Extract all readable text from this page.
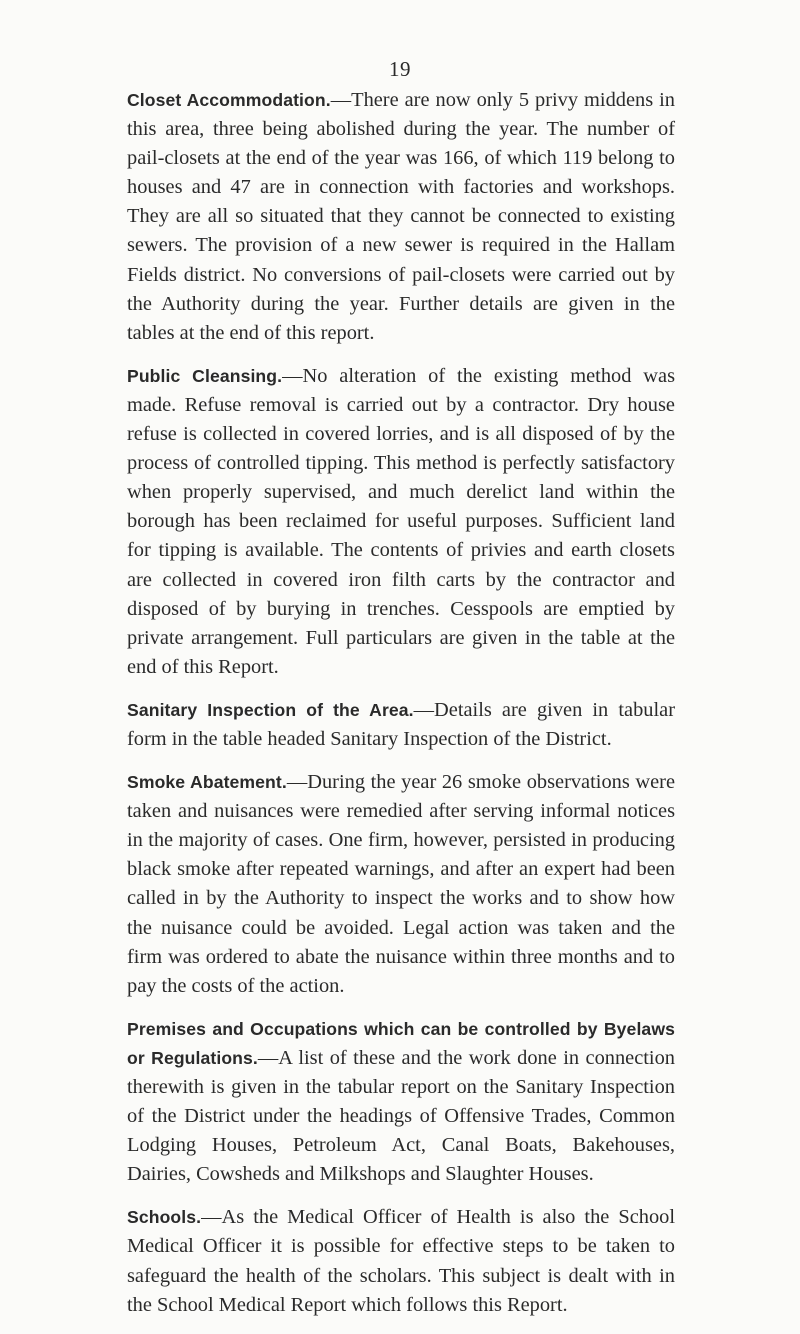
19

Closet Accommodation.—There are now only 5 privy middens in this area, three being abolished during the year. The number of pail-closets at the end of the year was 166, of which 119 belong to houses and 47 are in connection with factories and workshops. They are all so situated that they cannot be connected to existing sewers. The provision of a new sewer is required in the Hallam Fields district. No conversions of pail-closets were carried out by the Authority during the year. Further details are given in the tables at the end of this report.

Public Cleansing.—No alteration of the existing method was made. Refuse removal is carried out by a contractor. Dry house refuse is collected in covered lorries, and is all disposed of by the process of controlled tipping. This method is perfectly satisfactory when properly supervised, and much derelict land within the borough has been reclaimed for useful purposes. Sufficient land for tipping is available. The contents of privies and earth closets are collected in covered iron filth carts by the contractor and disposed of by burying in trenches. Cesspools are emptied by private arrangement. Full particulars are given in the table at the end of this Report.

Sanitary Inspection of the Area.—Details are given in tabular form in the table headed Sanitary Inspection of the District.

Smoke Abatement.—During the year 26 smoke observations were taken and nuisances were remedied after serving informal notices in the majority of cases. One firm, however, persisted in producing black smoke after repeated warnings, and after an expert had been called in by the Authority to inspect the works and to show how the nuisance could be avoided. Legal action was taken and the firm was ordered to abate the nuisance within three months and to pay the costs of the action.

Premises and Occupations which can be controlled by Byelaws or Regulations.—A list of these and the work done in connection therewith is given in the tabular report on the Sanitary Inspection of the District under the headings of Offensive Trades, Common Lodging Houses, Petroleum Act, Canal Boats, Bakehouses, Dairies, Cowsheds and Milkshops and Slaughter Houses.

Schools.—As the Medical Officer of Health is also the School Medical Officer it is possible for effective steps to be taken to safeguard the health of the scholars. This subject is dealt with in the School Medical Report which follows this Report.
